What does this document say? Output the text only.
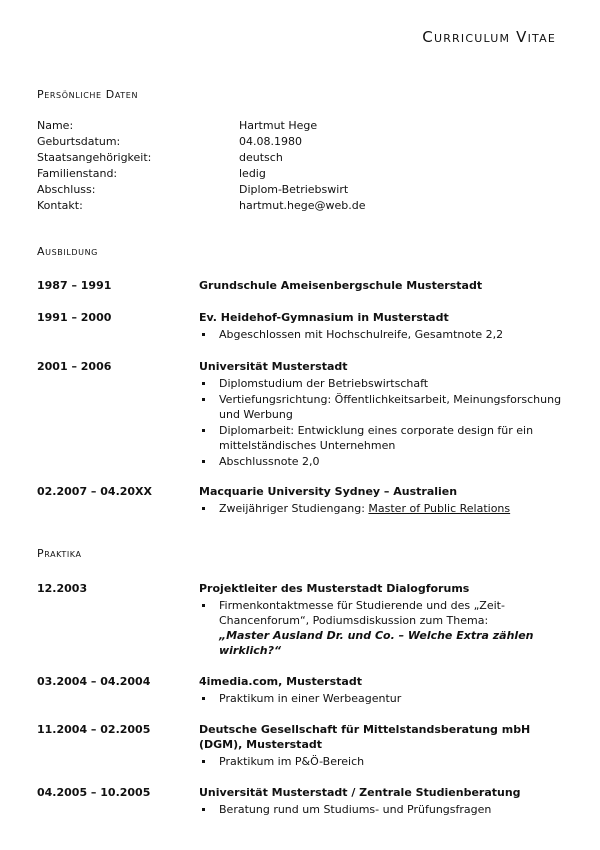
Curriculum Vitae
Persönliche Daten
Name:	Hartmut Hege
Geburtsdatum:	04.08.1980
Staatsangehörigkeit:	deutsch
Familienstand:	ledig
Abschluss:	Diplom-Betriebswirt
Kontakt:	hartmut.hege@web.de
Ausbildung
1987 – 1991	Grundschule Ameisenbergschule Musterstadt
1991 – 2000	Ev. Heidehof-Gymnasium in Musterstadt
Abgeschlossen mit Hochschulreife, Gesamtnote 2,2
2001 – 2006	Universität Musterstadt
Diplomstudium der Betriebswirtschaft
Vertiefungsrichtung: Öffentlichkeitsarbeit, Meinungsforschung und Werbung
Diplomarbeit: Entwicklung eines corporate design für ein mittelständisches Unternehmen
Abschlussnote 2,0
02.2007 – 04.20XX	Macquarie University Sydney – Australien
Zweijähriger Studiengang: Master of Public Relations
Praktika
12.2003	Projektleiter des Musterstadt Dialogforums
Firmenkontaktmesse für Studierende und des „Zeit-Chancenforum“, Podiumsdiskussion zum Thema:
„Master Ausland Dr. und Co. – Welche Extra zählen wirklich?“
03.2004 – 04.2004	4imedia.com, Musterstadt
Praktikum in einer Werbeagentur
11.2004 – 02.2005	Deutsche Gesellschaft für Mittelstandsberatung mbH (DGM), Musterstadt
Praktikum im P&Ö-Bereich
04.2005 – 10.2005	Universität Musterstadt / Zentrale Studienberatung
Beratung rund um Studiums- und Prüfungsfragen
